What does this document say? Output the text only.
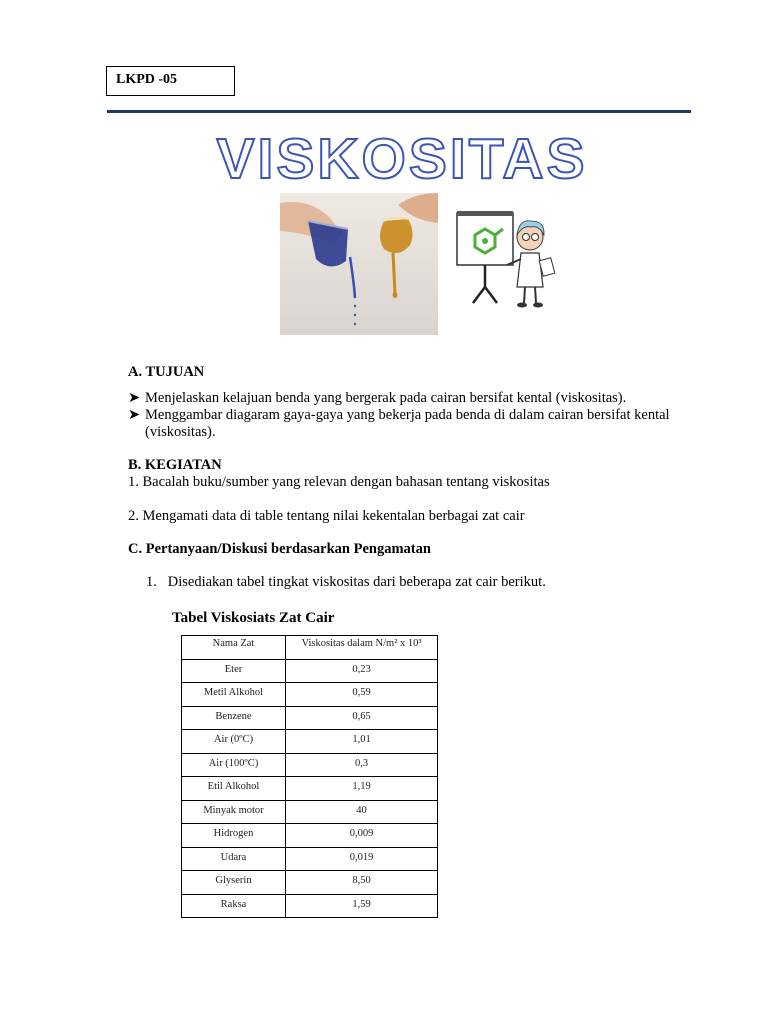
LKPD -05
VISKOSITAS
A. TUJUAN
➤ Menjelaskan kelajuan benda yang bergerak pada cairan bersifat kental (viskositas).
➤ Menggambar diagaram gaya-gaya yang bekerja pada benda di dalam cairan bersifat kental (viskositas).
B. KEGIATAN
1. Bacalah buku/sumber yang relevan dengan bahasan tentang viskositas
2. Mengamati data di table tentang nilai kekentalan berbagai zat cair
C. Pertanyaan/Diskusi berdasarkan Pengamatan
1.   Disediakan tabel tingkat viskositas dari beberapa zat cair berikut.
Tabel Viskosiats Zat Cair
Nama Zat	Viskositas dalam N/m² x 10³
Eter	0,23
Metil Alkohol	0,59
Benzene	0,65
Air (0ºC)	1,01
Air (100ºC)	0,3
Etil Alkohol	1,19
Minyak motor	40
Hidrogen	0,009
Udara	0,019
Glyserin	8,50
Raksa	1,59
